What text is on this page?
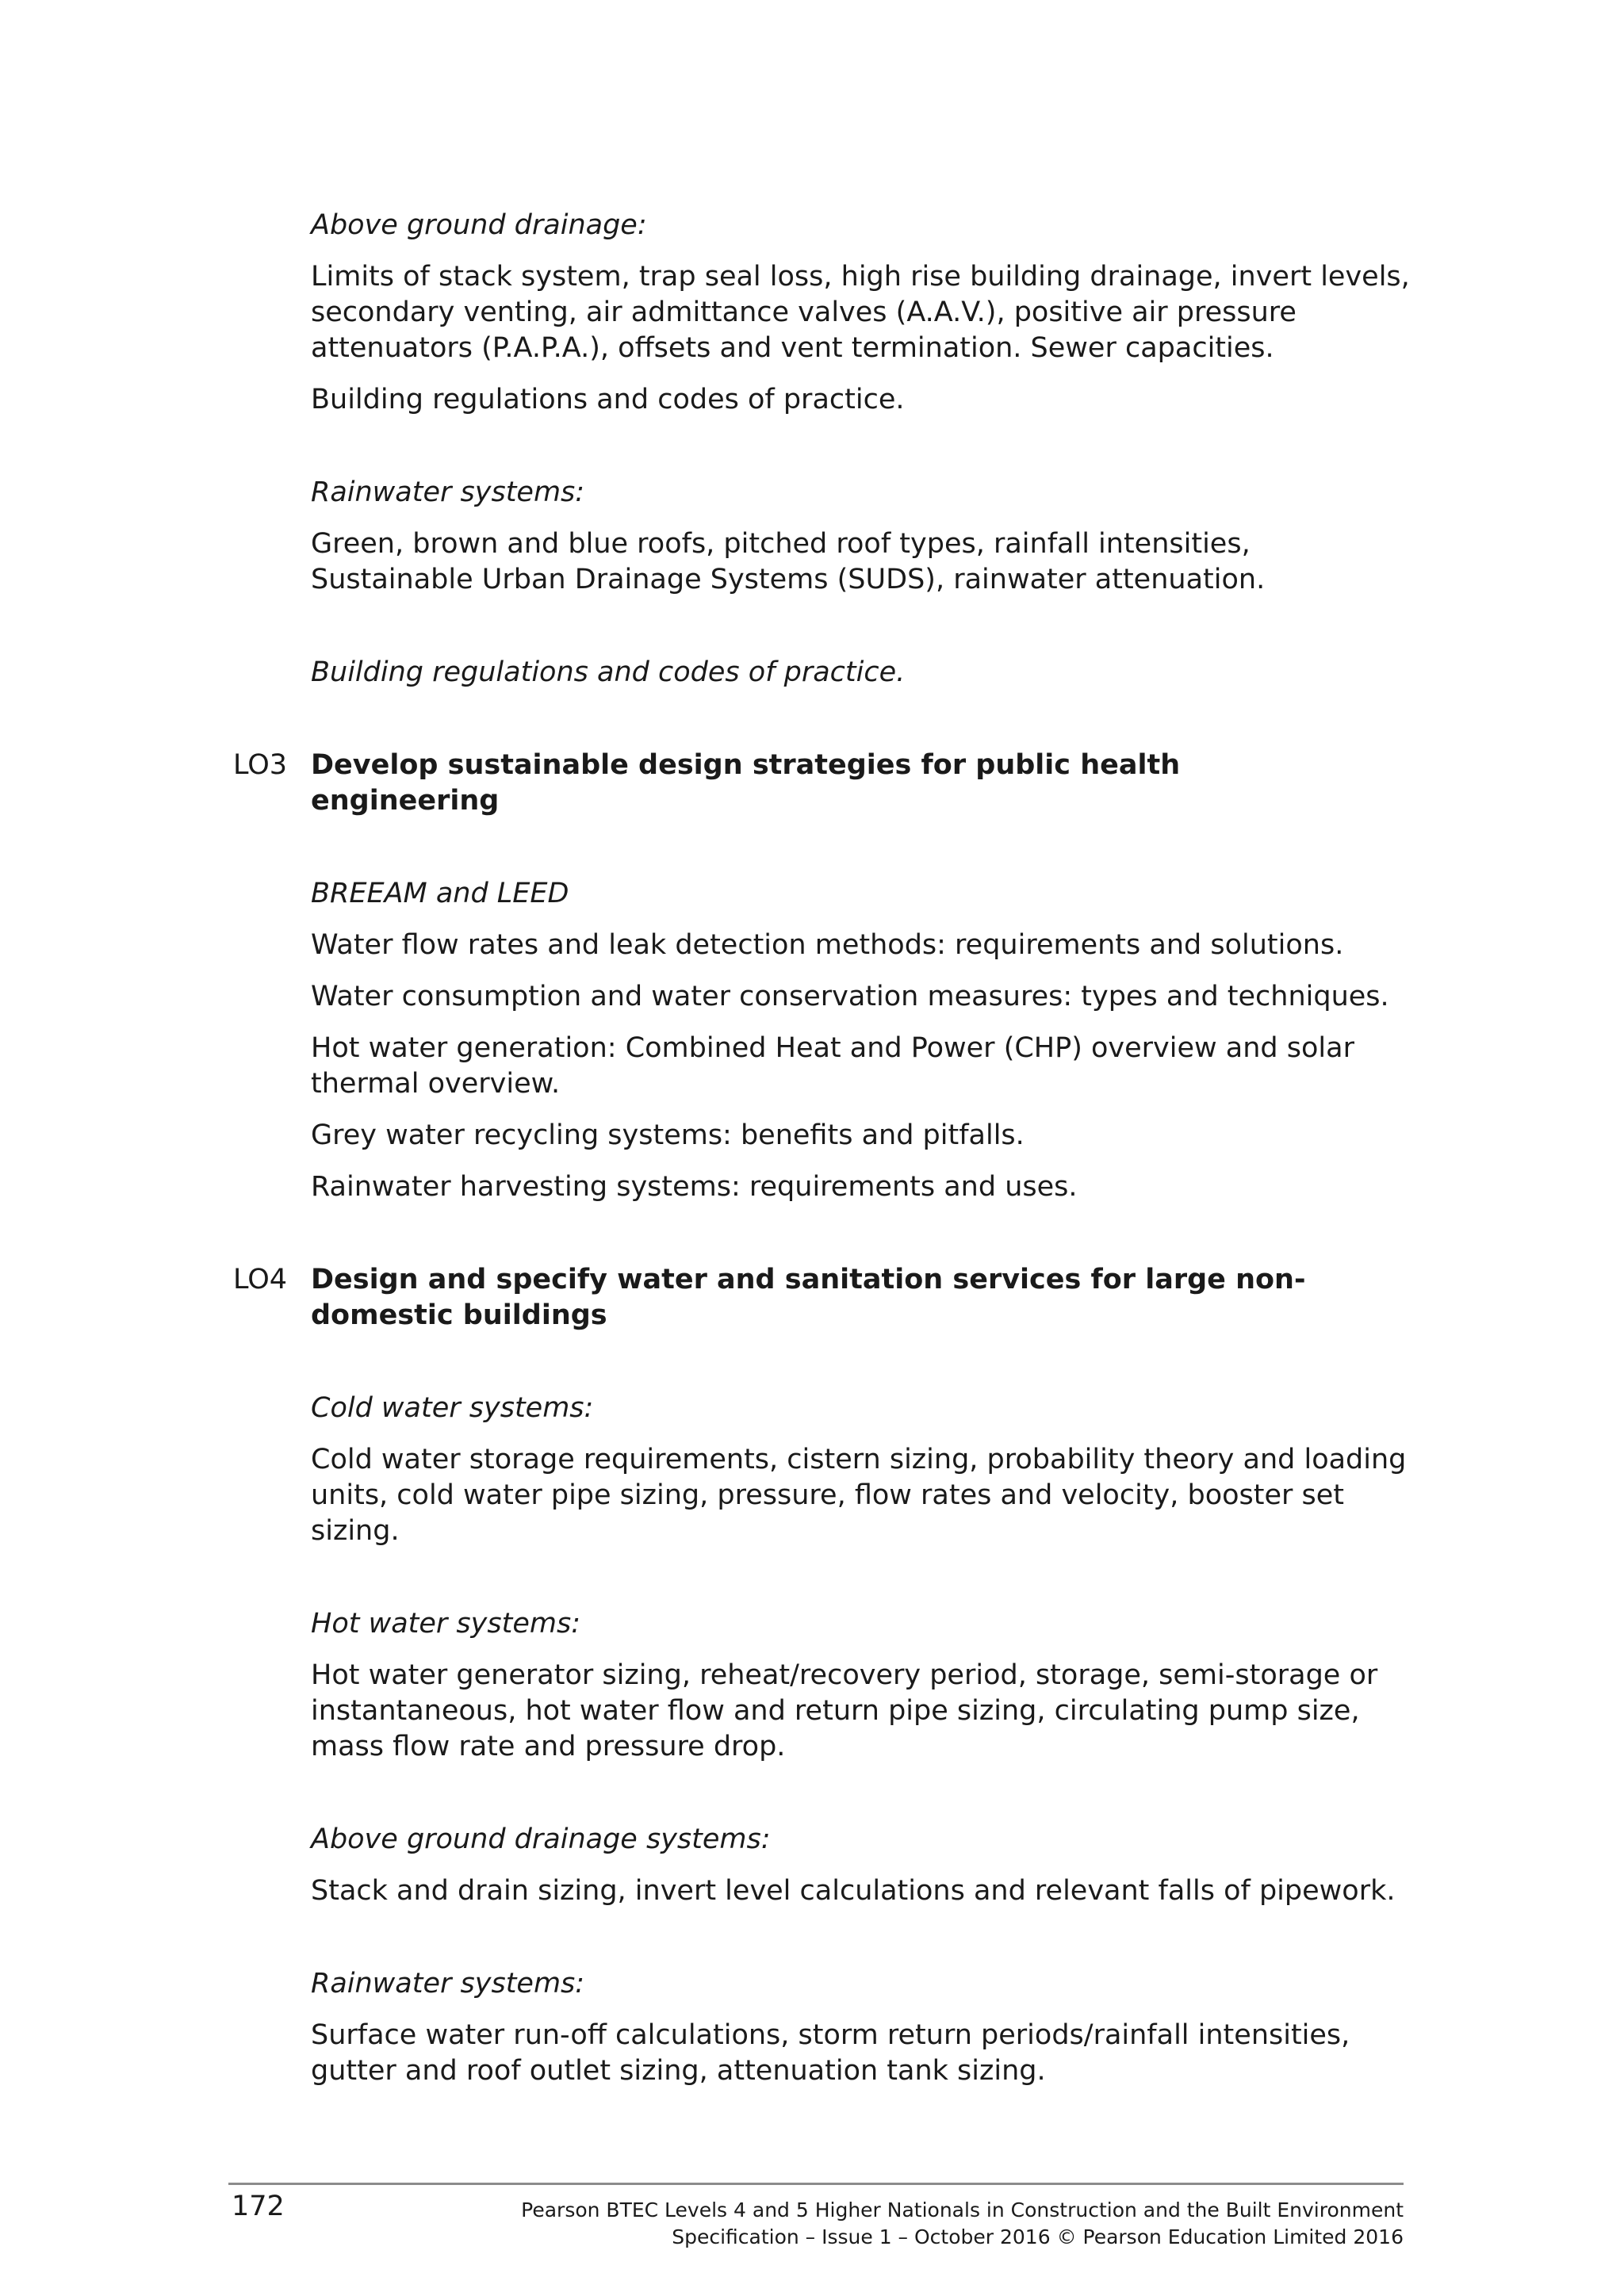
Above ground drainage:

Limits of stack system, trap seal loss, high rise building drainage, invert levels, secondary venting, air admittance valves (A.A.V.), positive air pressure attenuators (P.A.P.A.), offsets and vent termination. Sewer capacities.

Building regulations and codes of practice.

Rainwater systems:

Green, brown and blue roofs, pitched roof types, rainfall intensities, Sustainable Urban Drainage Systems (SUDS), rainwater attenuation.

Building regulations and codes of practice.

LO3 Develop sustainable design strategies for public health engineering

BREEAM and LEED

Water flow rates and leak detection methods: requirements and solutions.

Water consumption and water conservation measures: types and techniques.

Hot water generation: Combined Heat and Power (CHP) overview and solar thermal overview.

Grey water recycling systems: benefits and pitfalls.

Rainwater harvesting systems: requirements and uses.

LO4 Design and specify water and sanitation services for large non-
domestic buildings

Cold water systems:

Cold water storage requirements, cistern sizing, probability theory and loading units, cold water pipe sizing, pressure, flow rates and velocity, booster set sizing.

Hot water systems:

Hot water generator sizing, reheat/recovery period, storage, semi-storage or instantaneous, hot water flow and return pipe sizing, circulating pump size, mass flow rate and pressure drop.

Above ground drainage systems:

Stack and drain sizing, invert level calculations and relevant falls of pipework.

Rainwater systems:

Surface water run-off calculations, storm return periods/rainfall intensities, gutter and roof outlet sizing, attenuation tank sizing.

172	Pearson BTEC Levels 4 and 5 Higher Nationals in Construction and the Built Environment
Specification – Issue 1 – October 2016 © Pearson Education Limited 2016
